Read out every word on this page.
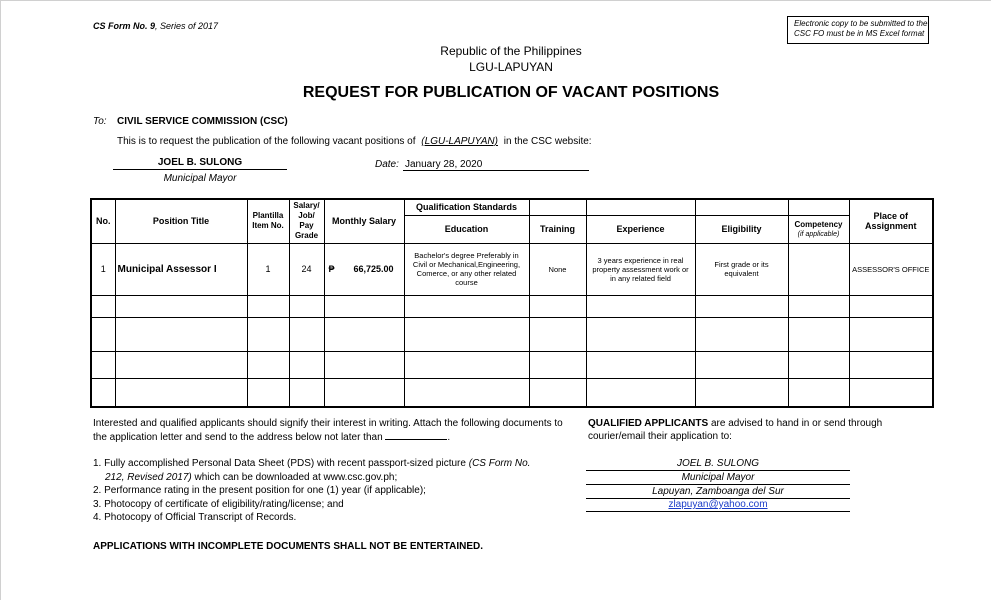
CS Form No. 9, Series of 2017	Electronic copy to be submitted to the CSC FO must be in MS Excel format
Republic of the Philippines
LGU-LAPUYAN
REQUEST FOR PUBLICATION OF VACANT POSITIONS
To: CIVIL SERVICE COMMISSION (CSC)
This is to request the publication of the following vacant positions of (LGU-LAPUYAN) in the CSC website:
JOEL B. SULONG
Municipal Mayor
Date: January 28, 2020
No.	Position Title	Plantilla Item No.	Salary/ Job/ Pay Grade	Monthly Salary	Qualification Standards					Place of Assignment
					Education	Training	Experience	Eligibility	Competency
(if applicable)	
1	Municipal Assessor I	1	24	₱ 66,725.00	Bachelor's degree Preferably in Civil or Mechanical,Engineering, Comerce, or any other related course	None	3 years experience in real property assessment work or in any related field	First grade or its equivalent		ASSESSOR'S OFFICE

Interested and qualified applicants should signify their interest in writing. Attach the following documents to the application letter and send to the address below not later than	.
QUALIFIED APPLICANTS are advised to hand in or send through courier/email their application to:
1. Fully accomplished Personal Data Sheet (PDS) with recent passport-sized picture (CS Form No.
212, Revised 2017) which can be downloaded at www.csc.gov.ph;
2. Performance rating in the present position for one (1) year (if applicable);
3. Photocopy of certificate of eligibility/rating/license; and
4. Photocopy of Official Transcript of Records.
APPLICATIONS WITH INCOMPLETE DOCUMENTS SHALL NOT BE ENTERTAINED.
JOEL B. SULONG
Municipal Mayor
Lapuyan, Zamboanga del Sur
zlapuyan@yahoo.com
